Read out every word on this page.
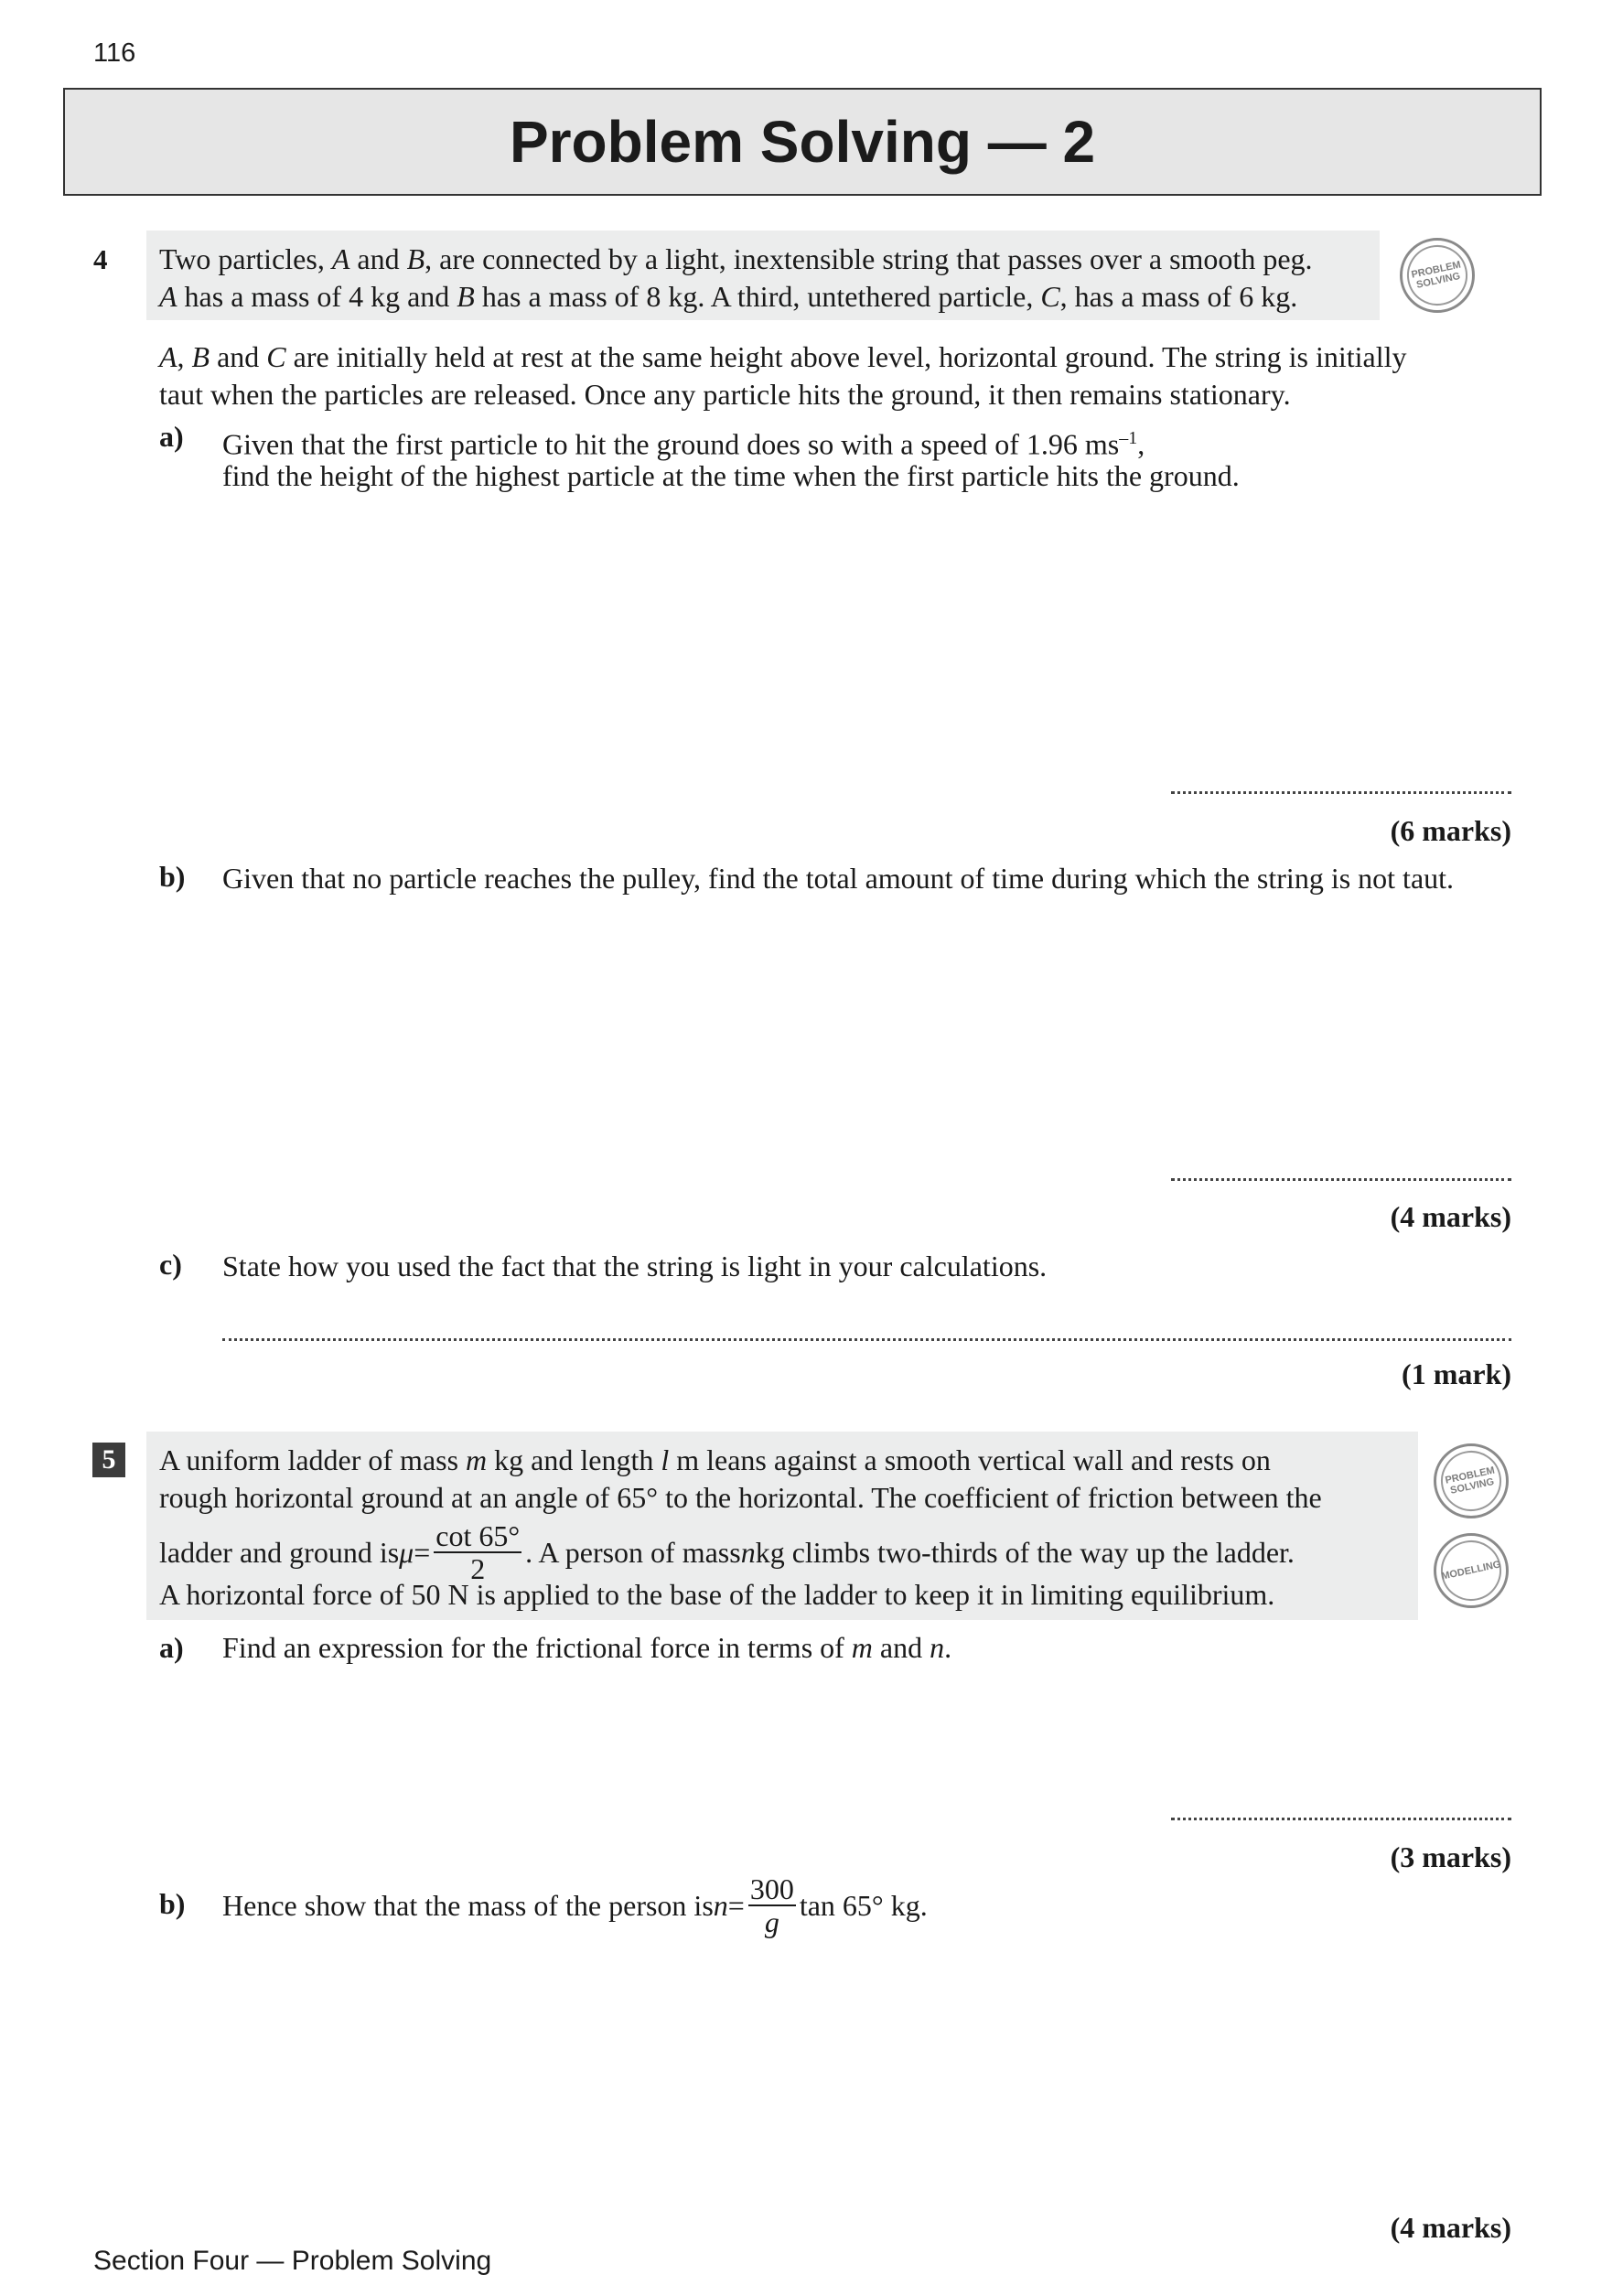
116
Problem Solving — 2
4 Two particles, A and B, are connected by a light, inextensible string that passes over a smooth peg.
A has a mass of 4 kg and B has a mass of 8 kg. A third, untethered particle, C, has a mass of 6 kg.
PROBLEM SOLVING
A, B and C are initially held at rest at the same height above level, horizontal ground. The string is initially
taut when the particles are released. Once any particle hits the ground, it then remains stationary.
a) Given that the first particle to hit the ground does so with a speed of 1.96 $ms^{-1}$,
find the height of the highest particle at the time when the first particle hits the ground.
(6 marks)
b) Given that no particle reaches the pulley, find the total amount of time during which the string is not taut.
(4 marks)
c) State how you used the fact that the string is light in your calculations.
(1 mark)
5	A uniform ladder of mass m kg and length l m leans against a smooth vertical wall and rests on
rough horizontal ground at an angle of 65° to the horizontal. The coefficient of friction between the
ladder and ground is $\mu = \frac{\cot 65^\circ}{2}$ . A person of mass n kg climbs two-thirds of the way up the ladder.
A horizontal force of 50 N is applied to the base of the ladder to keep it in limiting equilibrium.
PROBLEM SOLVING
MODELLING
a) Find an expression for the frictional force in terms of m and n.
(3 marks)
b) Hence show that the mass of the person is $n = \frac{300}{g}$ tan 65° kg.
(4 marks)
Section Four — Problem Solving
